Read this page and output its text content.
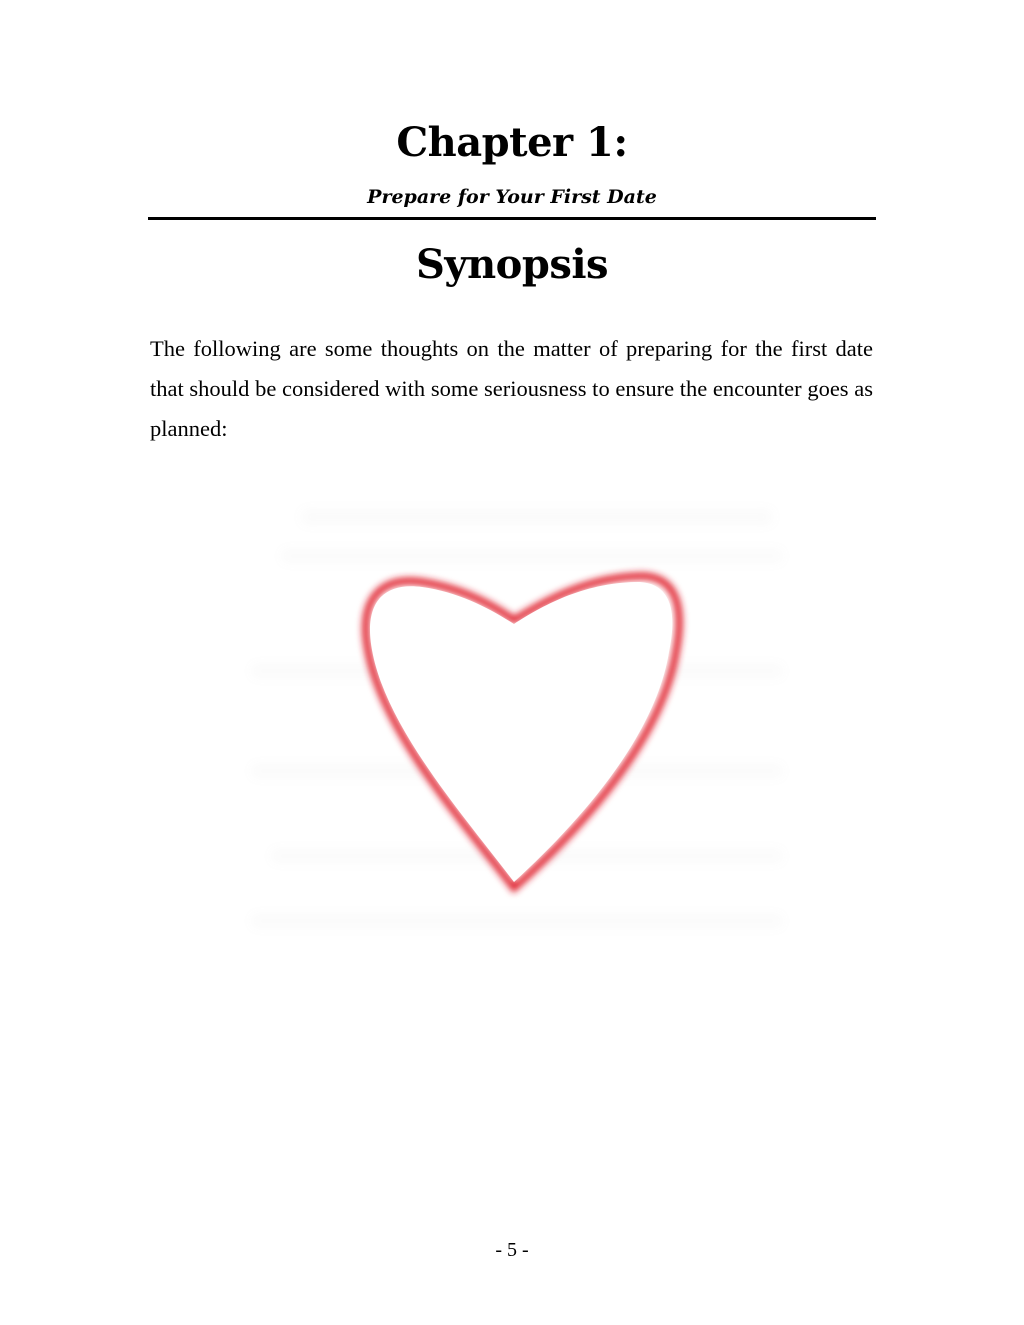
Chapter 1:
Prepare for Your First Date
Synopsis

The following are some thoughts on the matter of preparing for the first date that should be considered with some seriousness to ensure the encounter goes as planned:

- 5 -
